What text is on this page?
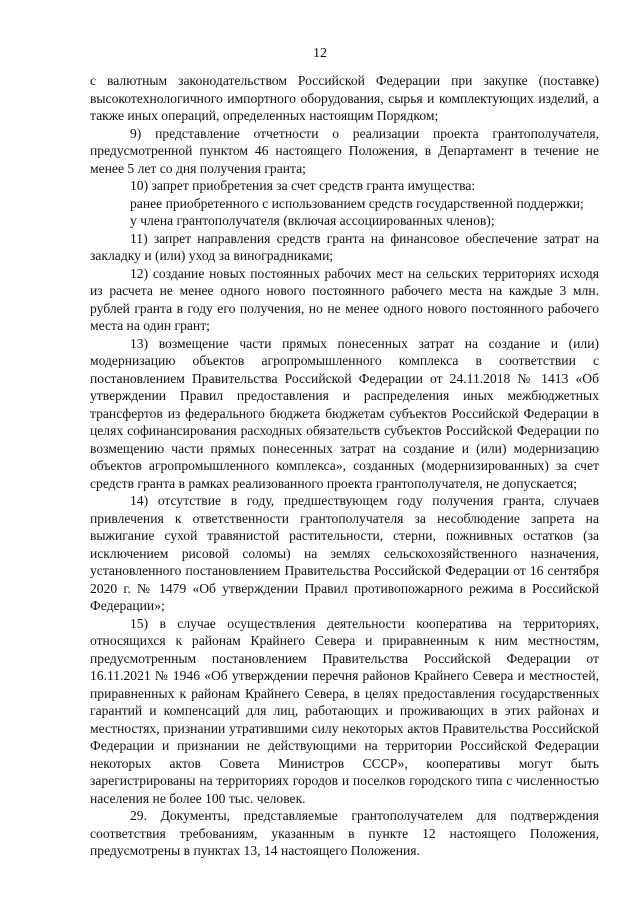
12

с валютным законодательством Российской Федерации при закупке (поставке) высокотехнологичного импортного оборудования, сырья и комплектующих изделий, а также иных операций, определенных настоящим Порядком;

9) представление отчетности о реализации проекта грантополучателя, предусмотренной пунктом 46 настоящего Положения, в Департамент в течение не менее 5 лет со дня получения гранта;

10) запрет приобретения за счет средств гранта имущества:

ранее приобретенного с использованием средств государственной поддержки;

у члена грантополучателя (включая ассоциированных членов);

11) запрет направления средств гранта на финансовое обеспечение затрат на закладку и (или) уход за виноградниками;

12) создание новых постоянных рабочих мест на сельских территориях исходя из расчета не менее одного нового постоянного рабочего места на каждые 3 млн. рублей гранта в году его получения, но не менее одного нового постоянного рабочего места на один грант;

13) возмещение части прямых понесенных затрат на создание и (или) модернизацию объектов агропромышленного комплекса в соответствии с постановлением Правительства Российской Федерации от 24.11.2018 № 1413 «Об утверждении Правил предоставления и распределения иных межбюджетных трансфертов из федерального бюджета бюджетам субъектов Российской Федерации в целях софинансирования расходных обязательств субъектов Российской Федерации по возмещению части прямых понесенных затрат на создание и (или) модернизацию объектов агропромышленного комплекса», созданных (модернизированных) за счет средств гранта в рамках реализованного проекта грантополучателя, не допускается;

14) отсутствие в году, предшествующем году получения гранта, случаев привлечения к ответственности грантополучателя за несоблюдение запрета на выжигание сухой травянистой растительности, стерни, пожнивных остатков (за исключением рисовой соломы) на землях сельскохозяйственного назначения, установленного постановлением Правительства Российской Федерации от 16 сентября 2020 г. № 1479 «Об утверждении Правил противопожарного режима в Российской Федерации»;

15) в случае осуществления деятельности кооператива на территориях, относящихся к районам Крайнего Севера и приравненным к ним местностям, предусмотренным постановлением Правительства Российской Федерации от 16.11.2021 № 1946 «Об утверждении перечня районов Крайнего Севера и местностей, приравненных к районам Крайнего Севера, в целях предоставления государственных гарантий и компенсаций для лиц, работающих и проживающих в этих районах и местностях, признании утратившими силу некоторых актов Правительства Российской Федерации и признании не действующими на территории Российской Федерации некоторых актов Совета Министров СССР», кооперативы могут быть зарегистрированы на территориях городов и поселков городского типа с численностью населения не более 100 тыс. человек.

29. Документы, представляемые грантополучателем для подтверждения соответствия требованиям, указанным в пункте 12 настоящего Положения, предусмотрены в пунктах 13, 14 настоящего Положения.
